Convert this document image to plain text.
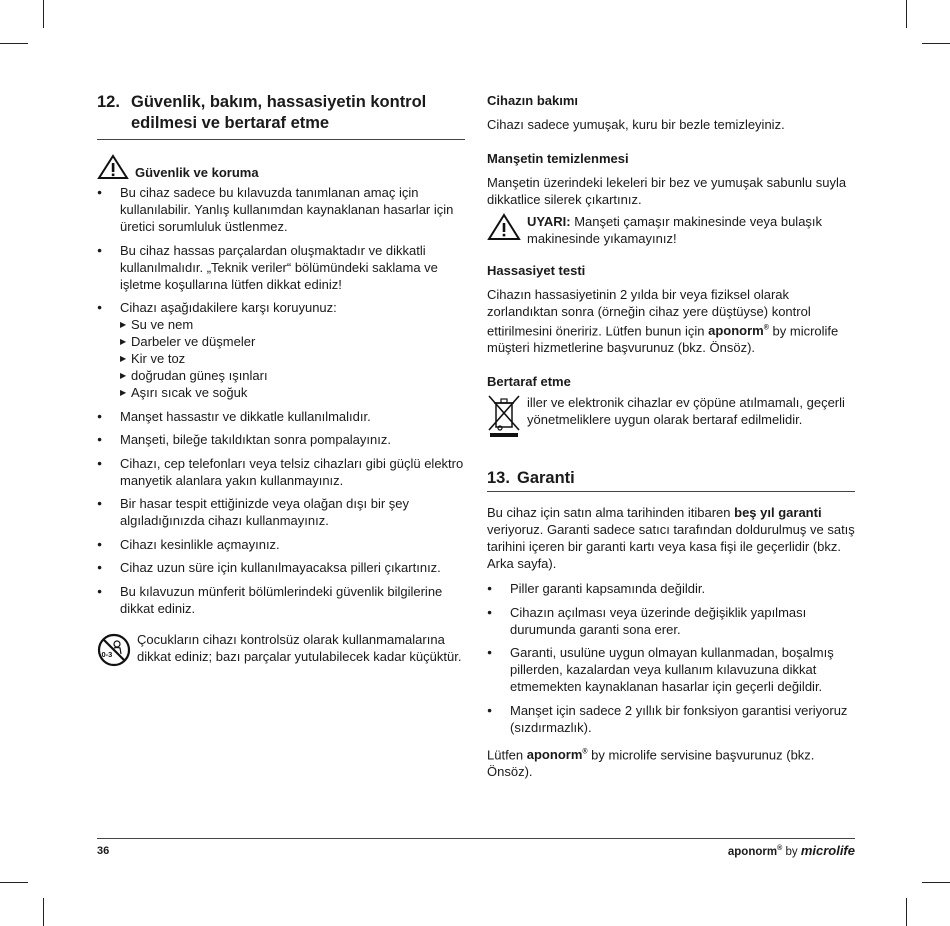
12. Güvenlik, bakım, hassasiyetin kontrol edilmesi ve bertaraf etme
Güvenlik ve koruma
● Bu cihaz sadece bu kılavuzda tanımlanan amaç için kullanılabilir. Yanlış kullanımdan kaynaklanan hasarlar için üretici sorumluluk üstlenmez.
● Bu cihaz hassas parçalardan oluşmaktadır ve dikkatli kullanılmalıdır. „Teknik veriler“ bölümündeki saklama ve işletme koşullarına lütfen dikkat ediniz!
● Cihazı aşağıdakilere karşı koruyunuz:
▶ Su ve nem
▶ Darbeler ve düşmeler
▶ Kir ve toz
▶ doğrudan güneş ışınları
▶ Aşırı sıcak ve soğuk
● Manşet hassastır ve dikkatle kullanılmalıdır.
● Manşeti, bileğe takıldıktan sonra pompalayınız.
● Cihazı, cep telefonları veya telsiz cihazları gibi güçlü elektro manyetik alanlara yakın kullanmayınız.
● Bir hasar tespit ettiğinizde veya olağan dışı bir şey algıladığınızda cihazı kullanmayınız.
● Cihazı kesinlikle açmayınız.
● Cihaz uzun süre için kullanılmayacaksa pilleri çıkartınız.
● Bu kılavuzun münferit bölümlerindeki güvenlik bilgilerine dikkat ediniz.
0-3

Çocukların cihazı kontrolsüz olarak kullanmamalarına dikkat ediniz; bazı parçalar yutulabilecek kadar küçüktür.

Cihazın bakımı

Cihazı sadece yumuşak, kuru bir bezle temizleyiniz.

Manşetin temizlenmesi

Manşetin üzerindeki lekeleri bir bez ve yumuşak sabunlu suyla dikkatlice silerek çıkartınız.

UYARI: Manşeti çamaşır makinesinde veya bulaşık makinesinde yıkamayınız!

Hassasiyet testi

Cihazın hassasiyetinin 2 yılda bir veya fiziksel olarak zorlandıktan sonra (örneğin cihaz yere düştüyse) kontrol ettirilmesini öneririz. Lütfen bunun için aponorm® by microlife müşteri hizmetlerine başvurunuz (bkz. Önsöz).

Bertaraf etme

iller ve elektronik cihazlar ev çöpüne atılmamalı, geçerli yönetmeliklere uygun olarak bertaraf edilmelidir.

13. Garanti

Bu cihaz için satın alma tarihinden itibaren beş yıl garanti veriyoruz. Garanti sadece satıcı tarafından doldurulmuş ve satış tarihini içeren bir garanti kartı veya kasa fişi ile geçerlidir (bkz. Arka sayfa).

● Piller garanti kapsamında değildir.
● Cihazın açılması veya üzerinde değişiklik yapılması durumunda garanti sona erer.
● Garanti, usulüne uygun olmayan kullanmadan, boşalmış pillerden, kazalardan veya kullanım kılavuzuna dikkat etmemekten kaynaklanan hasarlar için geçerli değildir.
● Manşet için sadece 2 yıllık bir fonksiyon garantisi veriyoruz (sızdırmazlık).

Lütfen aponorm® by microlife servisine başvurunuz (bkz. Önsöz).

36	aponorm® by microlife
